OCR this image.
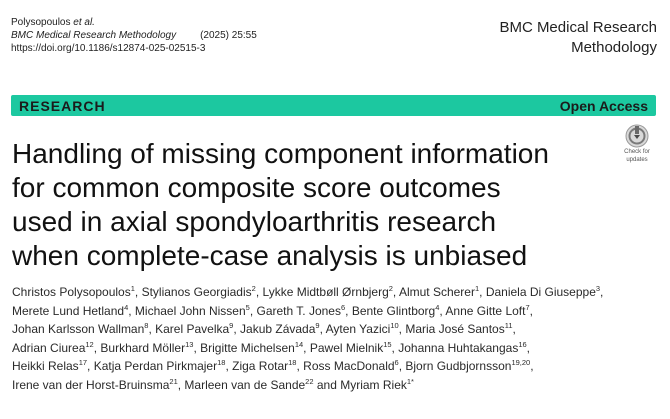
Polysopoulos et al.
BMC Medical Research Methodology (2025) 25:55
https://doi.org/10.1186/s12874-025-02515-3
BMC Medical Research
Methodology
RESEARCH	Open Access
Check for
updates
Handling of missing component information
for common composite score outcomes
used in axial spondyloarthritis research
when complete-case analysis is unbiased
Christos Polysopoulos$^1$, Stylianos Georgiadis$^2$, Lykke Midtbøll Ørnbjerg$^2$, Almut Scherer$^1$, Daniela Di Giuseppe$^3$,
Merete Lund Hetland$^4$, Michael John Nissen$^5$, Gareth T. Jones$^6$, Bente Glintborg$^4$, Anne Gitte Loft$^7$,
Johan Karlsson Wallman$^8$, Karel Pavelka$^9$, Jakub Závada$^9$, Ayten Yazici$^{10}$, Maria José Santos$^{11}$,
Adrian Ciurea$^{12}$, Burkhard Möller$^{13}$, Brigitte Michelsen$^{14}$, Pawel Mielnik$^{15}$, Johanna Huhtakangas$^{16}$,
Heikki Relas$^{17}$, Katja Perdan Pirkmajer$^{18}$, Ziga Rotar$^{18}$, Ross MacDonald$^6$, Bjorn Gudbjornsson$^{19,20}$,
Irene van der Horst-Bruinsma$^{21}$, Marleen van de Sande$^{22}$ and Myriam Riek$^{1*}$
